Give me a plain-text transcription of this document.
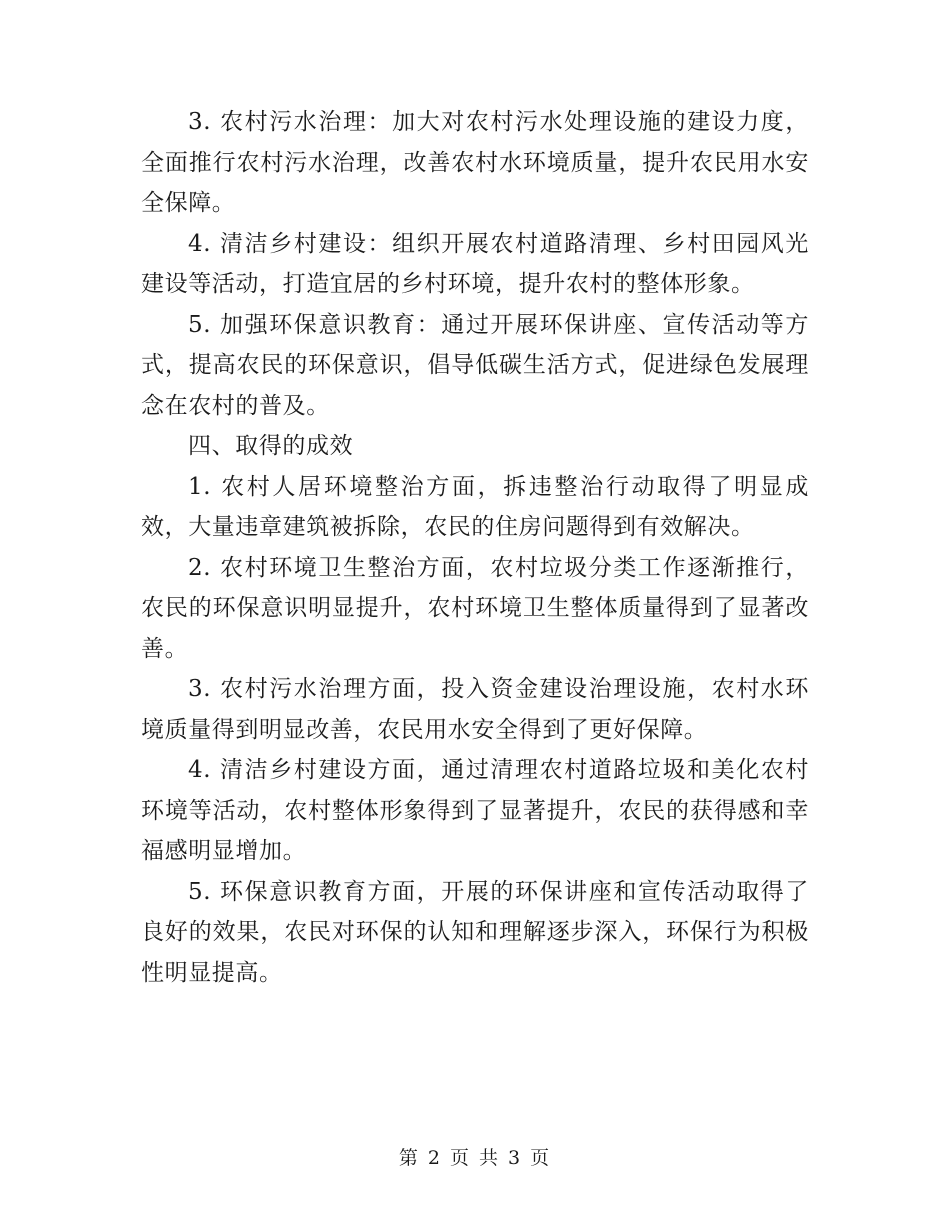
3. 农村污水治理：加大对农村污水处理设施的建设力度，全面推行农村污水治理，改善农村水环境质量，提升农民用水安全保障。

4. 清洁乡村建设：组织开展农村道路清理、乡村田园风光建设等活动，打造宜居的乡村环境，提升农村的整体形象。

5. 加强环保意识教育：通过开展环保讲座、宣传活动等方式，提高农民的环保意识，倡导低碳生活方式，促进绿色发展理念在农村的普及。

四、取得的成效

1. 农村人居环境整治方面，拆违整治行动取得了明显成效，大量违章建筑被拆除，农民的住房问题得到有效解决。

2. 农村环境卫生整治方面，农村垃圾分类工作逐渐推行，农民的环保意识明显提升，农村环境卫生整体质量得到了显著改善。

3. 农村污水治理方面，投入资金建设治理设施，农村水环境质量得到明显改善，农民用水安全得到了更好保障。

4. 清洁乡村建设方面，通过清理农村道路垃圾和美化农村环境等活动，农村整体形象得到了显著提升，农民的获得感和幸福感明显增加。

5. 环保意识教育方面，开展的环保讲座和宣传活动取得了良好的效果，农民对环保的认知和理解逐步深入，环保行为积极性明显提高。

第 2 页 共 3 页
